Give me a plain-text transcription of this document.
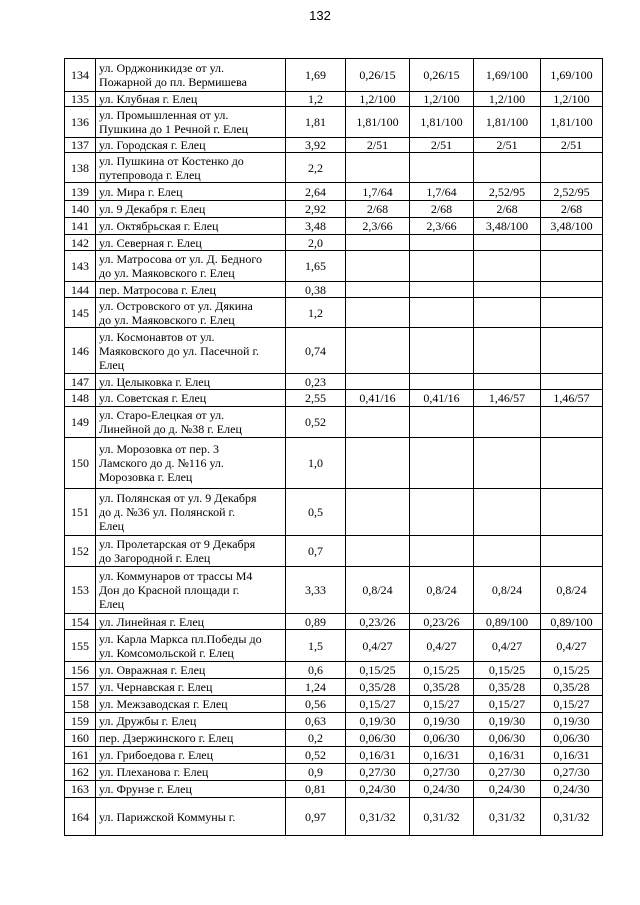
132
134	ул. Орджоникидзе от ул.
Пожарной до пл. Вермишева	1,69	0,26/15	0,26/15	1,69/100	1,69/100
135	ул. Клубная г. Елец	1,2	1,2/100	1,2/100	1,2/100	1,2/100
136	ул. Промышленная от ул.
Пушкина до 1 Речной г. Елец	1,81	1,81/100	1,81/100	1,81/100	1,81/100
137	ул. Городская г. Елец	3,92	2/51	2/51	2/51	2/51
138	ул. Пушкина от Костенко до
путепровода г. Елец	2,2				
139	ул. Мира г. Елец	2,64	1,7/64	1,7/64	2,52/95	2,52/95
140	ул. 9 Декабря г. Елец	2,92	2/68	2/68	2/68	2/68
141	ул. Октябрьская г. Елец	3,48	2,3/66	2,3/66	3,48/100	3,48/100
142	ул. Северная г. Елец	2,0				
143	ул. Матросова от ул. Д. Бедного
до ул. Маяковского г. Елец	1,65				
144	пер. Матросова г. Елец	0,38				
145	ул. Островского от ул. Дякина
до ул. Маяковского г. Елец	1,2				
146	ул. Космонавтов от ул.
Маяковского до ул. Пасечной г.
Елец	0,74				
147	ул. Целыковка г. Елец	0,23				
148	ул. Советская г. Елец	2,55	0,41/16	0,41/16	1,46/57	1,46/57
149	ул. Старо-Елецкая от ул.
Линейной до д. №38 г. Елец	0,52				
150	ул. Морозовка от пер. 3
Ламского до д. №116 ул.
Морозовка г. Елец	1,0				
151	ул. Полянская от ул. 9 Декабря
до д. №36 ул. Полянской г.
Елец	0,5				
152	ул. Пролетарская от 9 Декабря
до Загородной г. Елец	0,7				
153	ул. Коммунаров от трассы М4
Дон до Красной площади г.
Елец	3,33	0,8/24	0,8/24	0,8/24	0,8/24
154	ул. Линейная г. Елец	0,89	0,23/26	0,23/26	0,89/100	0,89/100
155	ул. Карла Маркса пл.Победы до
ул. Комсомольской г. Елец	1,5	0,4/27	0,4/27	0,4/27	0,4/27
156	ул. Овражная г. Елец	0,6	0,15/25	0,15/25	0,15/25	0,15/25
157	ул. Чернавская г. Елец	1,24	0,35/28	0,35/28	0,35/28	0,35/28
158	ул. Межзаводская г. Елец	0,56	0,15/27	0,15/27	0,15/27	0,15/27
159	ул. Дружбы г. Елец	0,63	0,19/30	0,19/30	0,19/30	0,19/30
160	пер. Дзержинского г. Елец	0,2	0,06/30	0,06/30	0,06/30	0,06/30
161	ул. Грибоедова г. Елец	0,52	0,16/31	0,16/31	0,16/31	0,16/31
162	ул. Плеханова г. Елец	0,9	0,27/30	0,27/30	0,27/30	0,27/30
163	ул. Фрунзе г. Елец	0,81	0,24/30	0,24/30	0,24/30	0,24/30
164	ул. Парижской Коммуны г.	0,97	0,31/32	0,31/32	0,31/32	0,31/32
